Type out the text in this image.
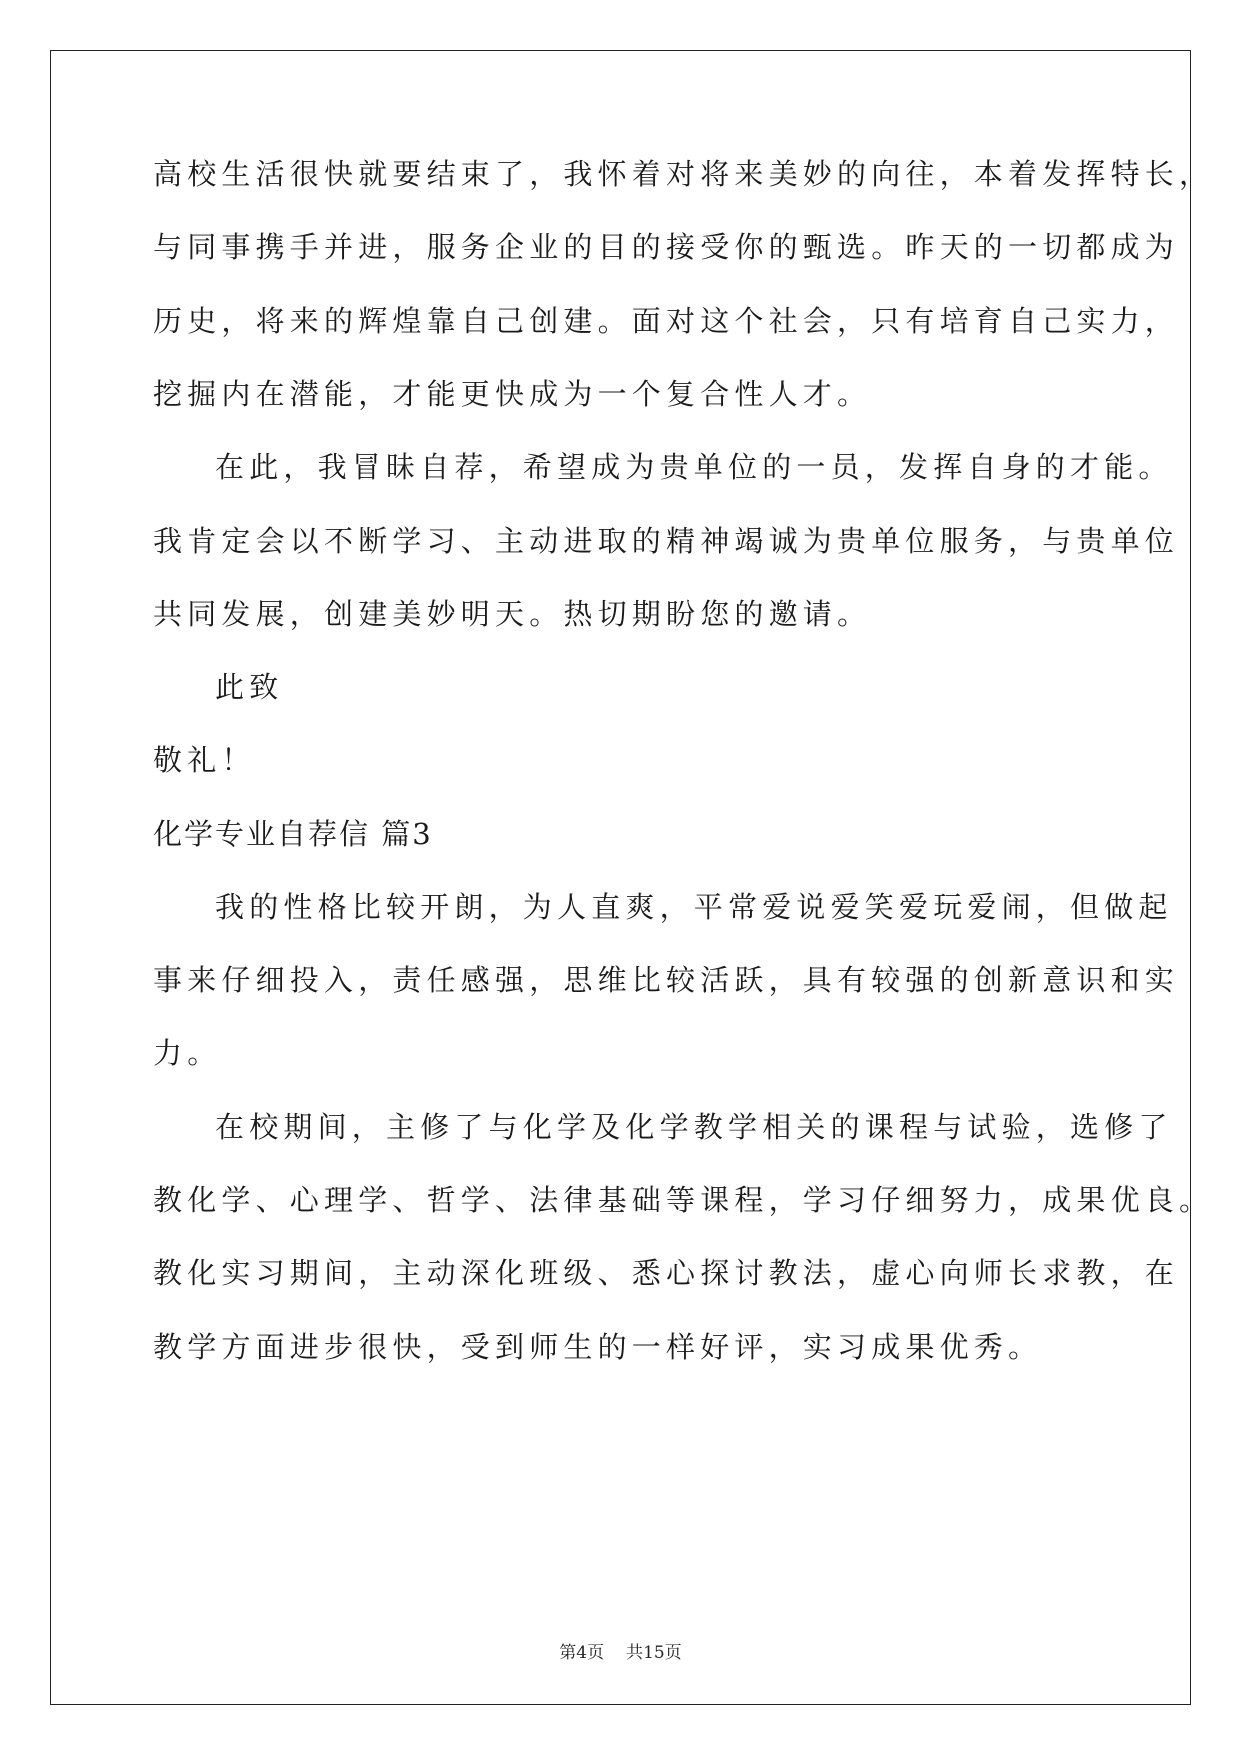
高校生活很快就要结束了，我怀着对将来美妙的向往，本着发挥特长，
与同事携手并进，服务企业的目的接受你的甄选。昨天的一切都成为
历史，将来的辉煌靠自己创建。面对这个社会，只有培育自己实力，
挖掘内在潜能，才能更快成为一个复合性人才。
在此，我冒昧自荐，希望成为贵单位的一员，发挥自身的才能。
我肯定会以不断学习、主动进取的精神竭诚为贵单位服务，与贵单位
共同发展，创建美妙明天。热切期盼您的邀请。
此致
敬礼！
化学专业自荐信 篇3
我的性格比较开朗，为人直爽，平常爱说爱笑爱玩爱闹，但做起
事来仔细投入，责任感强，思维比较活跃，具有较强的创新意识和实
力。
在校期间，主修了与化学及化学教学相关的课程与试验，选修了
教化学、心理学、哲学、法律基础等课程，学习仔细努力，成果优良。
教化实习期间，主动深化班级、悉心探讨教法，虚心向师长求教，在
教学方面进步很快，受到师生的一样好评，实习成果优秀。
第4页 共15页
